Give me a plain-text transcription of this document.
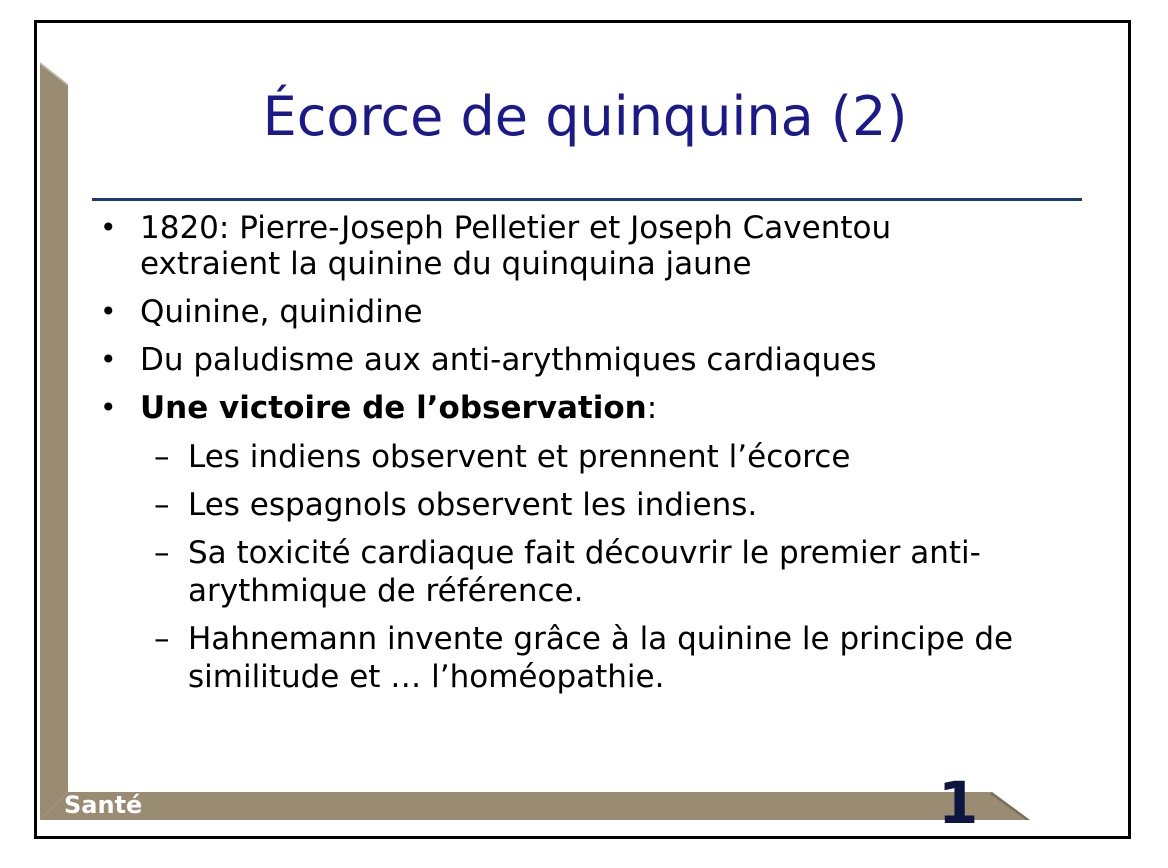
Écorce de quinquina (2)
• 1820: Pierre-Joseph Pelletier et Joseph Caventou extraient la quinine du quinquina jaune
• Quinine, quinidine
• Du paludisme aux anti-arythmiques cardiaques
• Une victoire de l’observation:
– Les indiens observent et prennent l’écorce
– Les espagnols observent les indiens.
– Sa toxicité cardiaque fait découvrir le premier anti-arythmique de référence.
– Hahnemann invente grâce à la quinine le principe de similitude et … l’homéopathie.
Santé	1
